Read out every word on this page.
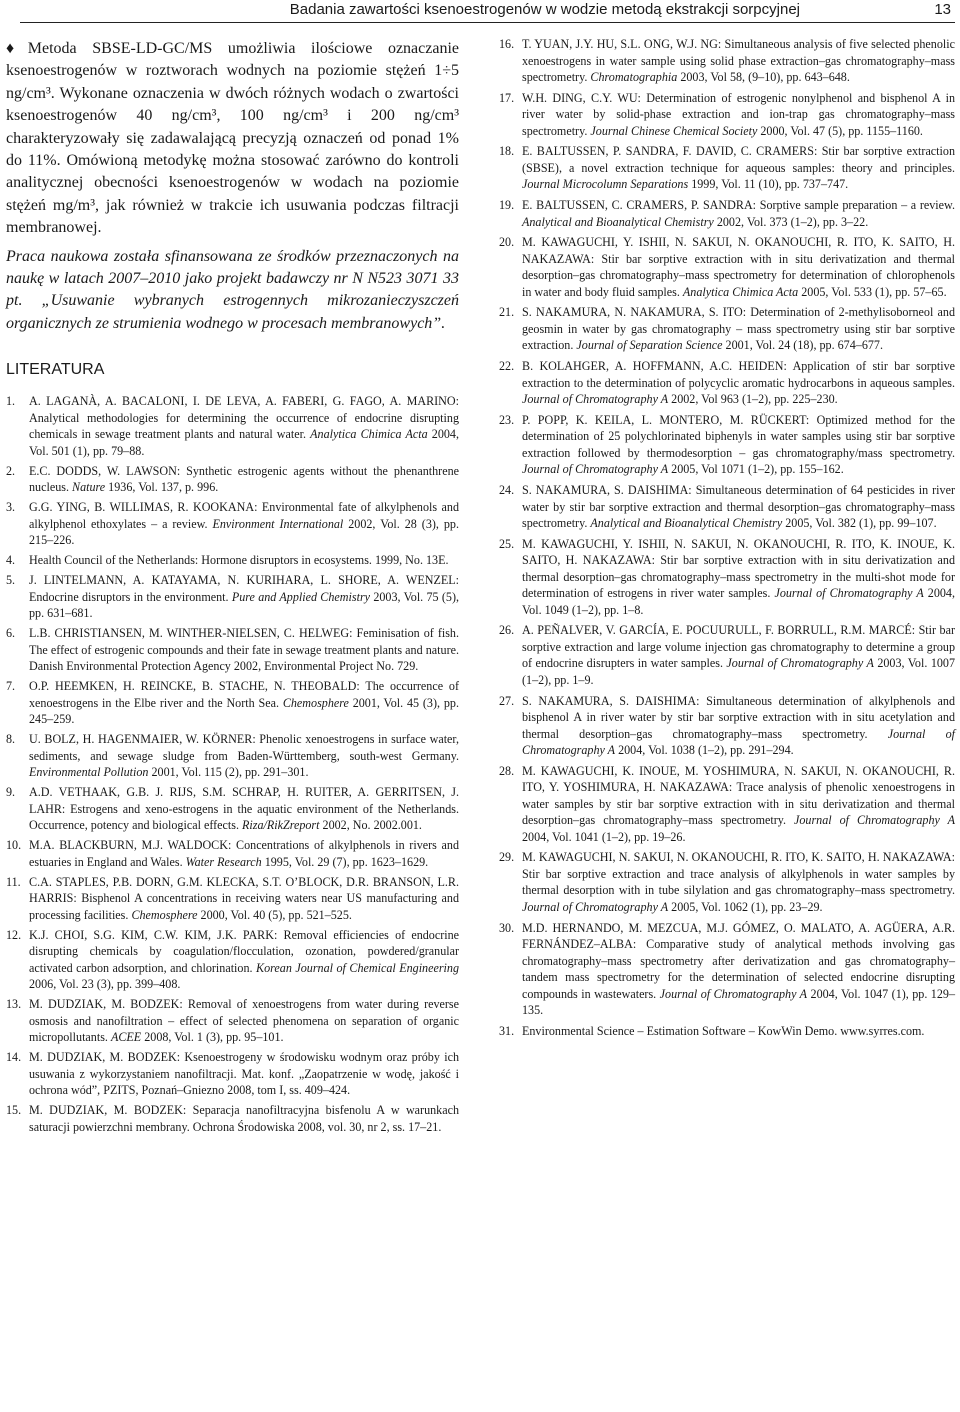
Badania zawartości ksenoestrogenów w wodzie metodą ekstrakcji sorpcyjnej	13

♦ Metoda SBSE-LD-GC/MS umożliwia ilościowe oznaczanie ksenoestrogenów w roztworach wodnych na poziomie stężeń 1÷5 ng/cm³. Wykonane oznaczenia w dwóch różnych wodach o zwartości ksenoestrogenów 40 ng/cm³, 100 ng/cm³ i 200 ng/cm³ charakteryzowały się zadawalającą precyzją oznaczeń od ponad 1% do 11%. Omówioną metodykę można stosować zarówno do kontroli analitycznej obecności ksenoestrogenów w wodach na poziomie stężeń mg/m³, jak również w trakcie ich usuwania podczas filtracji membranowej.

Praca naukowa została sfinansowana ze środków przeznaczonych na naukę w latach 2007–2010 jako projekt badawczy nr N N523 3071 33 pt. „Usuwanie wybranych estrogennych mikrozanieczyszczeń organicznych ze strumienia wodnego w procesach membranowych”.

LITERATURA
1.	A. LAGANÀ, A. BACALONI, I. DE LEVA, A. FABERI, G. FAGO, A. MARINO: Analytical methodologies for determining the occurrence of endocrine disrupting chemicals in sewage treatment plants and natural water. Analytica Chimica Acta 2004, Vol. 501 (1), pp. 79–88.
2.	E.C. DODDS, W. LAWSON: Synthetic estrogenic agents without the phenanthrene nucleus. Nature 1936, Vol. 137, p. 996.
3.	G.G. YING, B. WILLIMAS, R. KOOKANA: Environmental fate of alkylphenols and alkylphenol ethoxylates – a review. Environment International 2002, Vol. 28 (3), pp. 215–226.
4.	Health Council of the Netherlands: Hormone disruptors in ecosystems. 1999, No. 13E.
5.	J. LINTELMANN, A. KATAYAMA, N. KURIHARA, L. SHORE, A. WENZEL: Endocrine disruptors in the environment. Pure and Applied Chemistry 2003, Vol. 75 (5), pp. 631–681.
6.	L.B. CHRISTIANSEN, M. WINTHER-NIELSEN, C. HELWEG: Feminisation of fish. The effect of estrogenic compounds and their fate in sewage treatment plants and nature. Danish Environmental Protection Agency 2002, Environmental Project No. 729.
7.	O.P. HEEMKEN, H. REINCKE, B. STACHE, N. THEOBALD: The occurrence of xenoestrogens in the Elbe river and the North Sea. Chemosphere 2001, Vol. 45 (3), pp. 245–259.
8.	U. BOLZ, H. HAGENMAIER, W. KÖRNER: Phenolic xenoestrogens in surface water, sediments, and sewage sludge from Baden-Württemberg, south-west Germany. Environmental Pollution 2001, Vol. 115 (2), pp. 291–301.
9.	A.D. VETHAAK, G.B. J. RIJS, S.M. SCHRAP, H. RUITER, A. GERRITSEN, J. LAHR: Estrogens and xeno-estrogens in the aquatic environment of the Netherlands. Occurrence, potency and biological effects. Riza/RikZreport 2002, No. 2002.001.
10. M.A. BLACKBURN, M.J. WALDOCK: Concentrations of alkylphenols in rivers and estuaries in England and Wales. Water Research 1995, Vol. 29 (7), pp. 1623–1629.
11. C.A. STAPLES, P.B. DORN, G.M. KLECKA, S.T. O’BLOCK, D.R. BRANSON, L.R. HARRIS: Bisphenol A concentrations in receiving waters near US manufacturing and processing facilities. Chemosphere 2000, Vol. 40 (5), pp. 521–525.
12. K.J. CHOI, S.G. KIM, C.W. KIM, J.K. PARK: Removal efficiencies of endocrine disrupting chemicals by coagulation/flocculation, ozonation, powdered/granular activated carbon adsorption, and chlorination. Korean Journal of Chemical Engineering 2006, Vol. 23 (3), pp. 399–408.
13. M. DUDZIAK, M. BODZEK: Removal of xenoestrogens from water during reverse osmosis and nanofiltration – effect of selected phenomena on separation of organic micropollutants. ACEE 2008, Vol. 1 (3), pp. 95–101.
14. M. DUDZIAK, M. BODZEK: Ksenoestrogeny w środowisku wodnym oraz próby ich usuwania z wykorzystaniem nanofiltracji. Mat. konf. „Zaopatrzenie w wodę, jakość i ochrona wód”, PZITS, Poznań–Gniezno 2008, tom I, ss. 409–424.
15. M. DUDZIAK, M. BODZEK: Separacja nanofiltracyjna bisfenolu A w warunkach saturacji powierzchni membrany. Ochrona Środowiska 2008, vol. 30, nr 2, ss. 17–21.
16. T. YUAN, J.Y. HU, S.L. ONG, W.J. NG: Simultaneous analysis of five selected phenolic xenoestrogens in water sample using solid phase extraction–gas chromatography–mass spectrometry. Chromatographia 2003, Vol 58, (9–10), pp. 643–648.
17. W.H. DING, C.Y. WU: Determination of estrogenic nonylphenol and bisphenol A in river water by solid-phase extraction and ion-trap gas chromatography–mass spectrometry. Journal Chinese Chemical Society 2000, Vol. 47 (5), pp. 1155–1160.
18. E. BALTUSSEN, P. SANDRA, F. DAVID, C. CRAMERS: Stir bar sorptive extraction (SBSE), a novel extraction technique for aqueous samples: theory and principles. Journal Microcolumn Separations 1999, Vol. 11 (10), pp. 737–747.
19. E. BALTUSSEN, C. CRAMERS, P. SANDRA: Sorptive sample preparation – a review. Analytical and Bioanalytical Chemistry 2002, Vol. 373 (1–2), pp. 3–22.
20. M. KAWAGUCHI, Y. ISHII, N. SAKUI, N. OKANOUCHI, R. ITO, K. SAITO, H. NAKAZAWA: Stir bar sorptive extraction with in situ derivatization and thermal desorption–gas chromatography–mass spectrometry for determination of chlorophenols in water and body fluid samples. Analytica Chimica Acta 2005, Vol. 533 (1), pp. 57–65.
21. S. NAKAMURA, N. NAKAMURA, S. ITO: Determination of 2-methylisoborneol and geosmin in water by gas chromatography – mass spectrometry using stir bar sorptive extraction. Journal of Separation Science 2001, Vol. 24 (18), pp. 674–677.
22. B. KOLAHGER, A. HOFFMANN, A.C. HEIDEN: Application of stir bar sorptive extraction to the determination of polycyclic aromatic hydrocarbons in aqueous samples. Journal of Chromatography A 2002, Vol 963 (1–2), pp. 225–230.
23. P. POPP, K. KEILA, L. MONTERO, M. RÜCKERT: Optimized method for the determination of 25 polychlorinated biphenyls in water samples using stir bar sorptive extraction followed by thermodesorption – gas chromatography/mass spectrometry. Journal of Chromatography A 2005, Vol 1071 (1–2), pp. 155–162.
24. S. NAKAMURA, S. DAISHIMA: Simultaneous determination of 64 pesticides in river water by stir bar sorptive extraction and thermal desorption–gas chromatography–mass spectrometry. Analytical and Bioanalytical Chemistry 2005, Vol. 382 (1), pp. 99–107.
25. M. KAWAGUCHI, Y. ISHII, N. SAKUI, N. OKANOUCHI, R. ITO, K. INOUE, K. SAITO, H. NAKAZAWA: Stir bar sorptive extraction with in situ derivatization and thermal desorption–gas chromatography–mass spectrometry in the multi-shot mode for determination of estrogens in river water samples. Journal of Chromatography A 2004, Vol. 1049 (1–2), pp. 1–8.
26. A. PEÑALVER, V. GARCÍA, E. POCUURULL, F. BORRULL, R.M. MARCÉ: Stir bar sorptive extraction and large volume injection gas chromatography to determine a group of endocrine disrupters in water samples. Journal of Chromatography A 2003, Vol. 1007 (1–2), pp. 1–9.
27. S. NAKAMURA, S. DAISHIMA: Simultaneous determination of alkylphenols and bisphenol A in river water by stir bar sorptive extraction with in situ acetylation and thermal desorption–gas chromatography–mass spectrometry. Journal of Chromatography A 2004, Vol. 1038 (1–2), pp. 291–294.
28. M. KAWAGUCHI, K. INOUE, M. YOSHIMURA, N. SAKUI, N. OKANOUCHI, R. ITO, Y. YOSHIMURA, H. NAKAZAWA: Trace analysis of phenolic xenoestrogens in water samples by stir bar sorptive extraction with in situ derivatization and thermal desorption–gas chromatography–mass spectrometry. Journal of Chromatography A 2004, Vol. 1041 (1–2), pp. 19–26.
29. M. KAWAGUCHI, N. SAKUI, N. OKANOUCHI, R. ITO, K. SAITO, H. NAKAZAWA: Stir bar sorptive extraction and trace analysis of alkylphenols in water samples by thermal desorption with in tube silylation and gas chromatography–mass spectrometry. Journal of Chromatography A 2005, Vol. 1062 (1), pp. 23–29.
30. M.D. HERNANDO, M. MEZCUA, M.J. GÓMEZ, O. MALATO, A. AGÜERA, A.R. FERNÁNDEZ–ALBA: Comparative study of analytical methods involving gas chromatography–mass spectrometry after derivatization and gas chromatography–tandem mass spectrometry for the determination of selected endocrine disrupting compounds in wastewaters. Journal of Chromatography A 2004, Vol. 1047 (1), pp. 129–135.
31. Environmental Science – Estimation Software – KowWin Demo. www.syrres.com.
